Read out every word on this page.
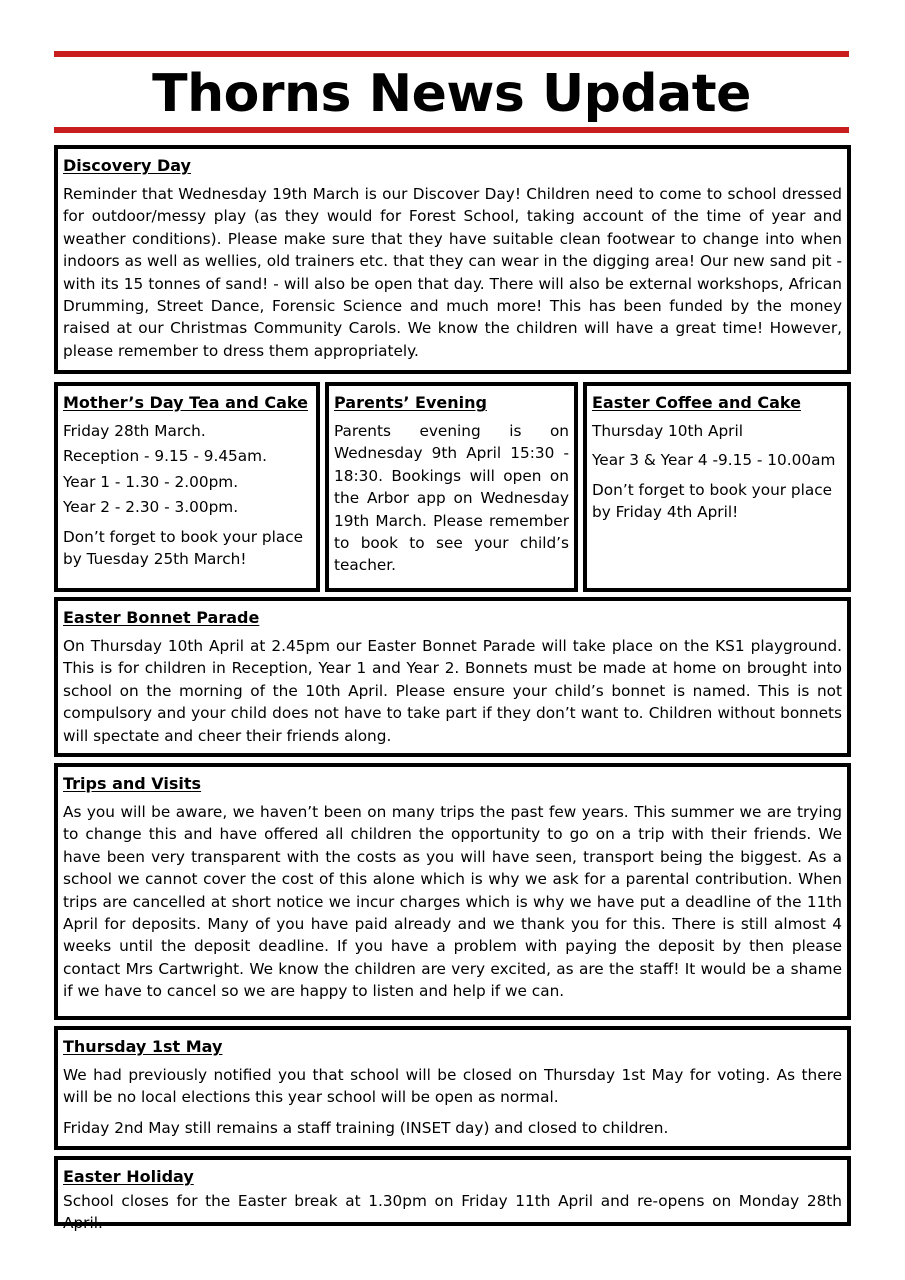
Thorns News Update
Discovery Day

Reminder that Wednesday 19th March is our Discover Day! Children need to come to school dressed for outdoor/messy play (as they would for Forest School, taking account of the time of year and weather conditions). Please make sure that they have suitable clean footwear to change into when indoors as well as wellies, old trainers etc. that they can wear in the digging area! Our new sand pit - with its 15 tonnes of sand! - will also be open that day. There will also be external workshops, African Drumming, Street Dance, Forensic Science and much more! This has been funded by the money raised at our Christmas Community Carols. We know the children will have a great time! However, please remember to dress them appropriately.

Mother’s Day Tea and Cake

Friday 28th March.

Reception - 9.15 - 9.45am.

Year 1 - 1.30 - 2.00pm.

Year 2 - 2.30 - 3.00pm.

Don’t forget to book your place by Tuesday 25th March!

Parents’ Evening

Parents evening is on Wednesday 9th April 15:30 - 18:30. Bookings will open on the Arbor app on Wednesday 19th March. Please remember to book to see your child’s teacher.

Easter Coffee and Cake

Thursday 10th April

Year 3 & Year 4 -9.15 - 10.00am

Don’t forget to book your place by Friday 4th April!

Easter Bonnet Parade

On Thursday 10th April at 2.45pm our Easter Bonnet Parade will take place on the KS1 playground. This is for children in Reception, Year 1 and Year 2. Bonnets must be made at home on brought into school on the morning of the 10th April. Please ensure your child’s bonnet is named. This is not compulsory and your child does not have to take part if they don’t want to. Children without bonnets will spectate and cheer their friends along.

Trips and Visits

As you will be aware, we haven’t been on many trips the past few years. This summer we are trying to change this and have offered all children the opportunity to go on a trip with their friends. We have been very transparent with the costs as you will have seen, transport being the biggest. As a school we cannot cover the cost of this alone which is why we ask for a parental contribution. When trips are cancelled at short notice we incur charges which is why we have put a deadline of the 11th April for deposits. Many of you have paid already and we thank you for this. There is still almost 4 weeks until the deposit deadline. If you have a problem with paying the deposit by then please contact Mrs Cartwright. We know the children are very excited, as are the staff! It would be a shame if we have to cancel so we are happy to listen and help if we can.

Thursday 1st May

We had previously notified you that school will be closed on Thursday 1st May for voting. As there will be no local elections this year school will be open as normal.

Friday 2nd May still remains a staff training (INSET day) and closed to children.

Easter Holiday

School closes for the Easter break at 1.30pm on Friday 11th April and re-opens on Monday 28th April.
